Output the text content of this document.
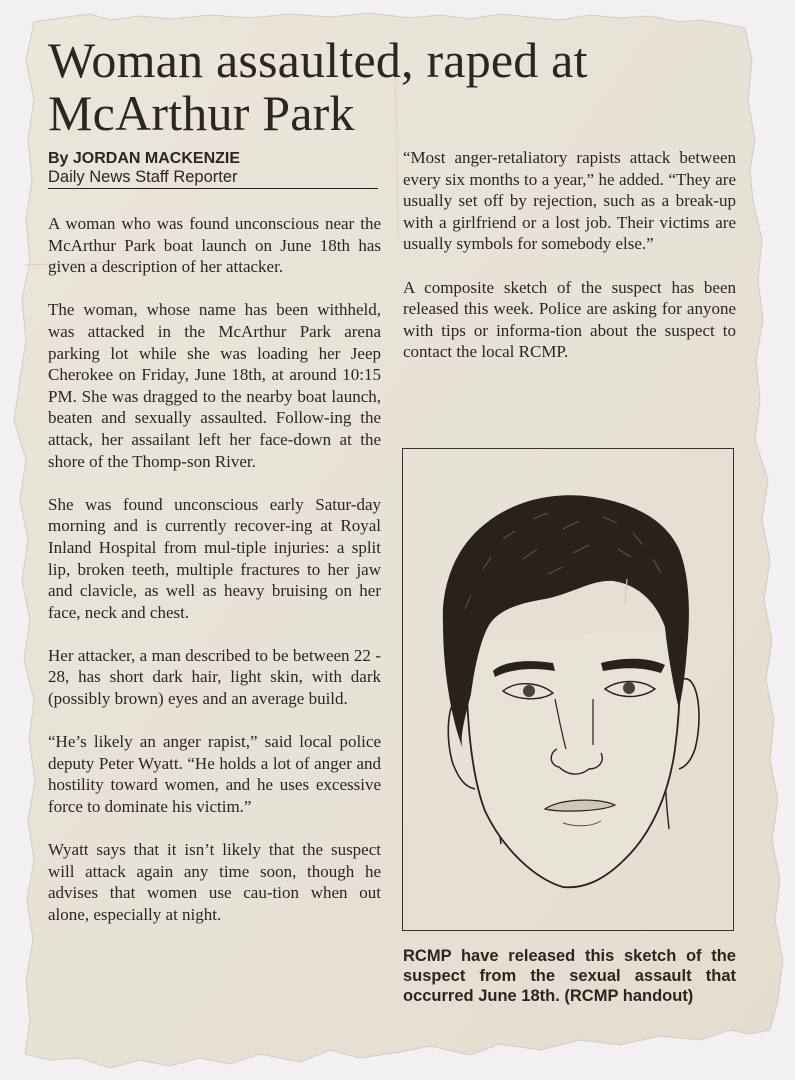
Woman assaulted, raped at McArthur Park
By JORDAN MACKENZIE
Daily News Staff Reporter

A woman who was found unconscious near the McArthur Park boat launch on June 18th has given a description of her attacker.

The woman, whose name has been withheld, was attacked in the McArthur Park arena parking lot while she was loading her Jeep Cherokee on Friday, June 18th, at around 10:15 PM. She was dragged to the nearby boat launch, beaten and sexually assaulted. Follow-ing the attack, her assailant left her face-down at the shore of the Thomp-son River.

She was found unconscious early Satur-day morning and is currently recover-ing at Royal Inland Hospital from mul-tiple injuries: a split lip, broken teeth, multiple fractures to her jaw and clavicle, as well as heavy bruising on her face, neck and chest.

Her attacker, a man described to be between 22 - 28, has short dark hair, light skin, with dark (possibly brown) eyes and an average build.

“He’s likely an anger rapist,” said local police deputy Peter Wyatt. “He holds a lot of anger and hostility toward women, and he uses excessive force to dominate his victim.”

Wyatt says that it isn’t likely that the suspect will attack again any time soon, though he advises that women use cau-tion when out alone, especially at night.

“Most anger-retaliatory rapists attack between every six months to a year,” he added. “They are usually set off by rejection, such as a break-up with a girlfriend or a lost job. Their victims are usually symbols for somebody else.”

A composite sketch of the suspect has been released this week. Police are asking for anyone with tips or informa-tion about the suspect to contact the local RCMP.

RCMP have released this sketch of the suspect from the sexual assault that occurred June 18th. (RCMP handout)
